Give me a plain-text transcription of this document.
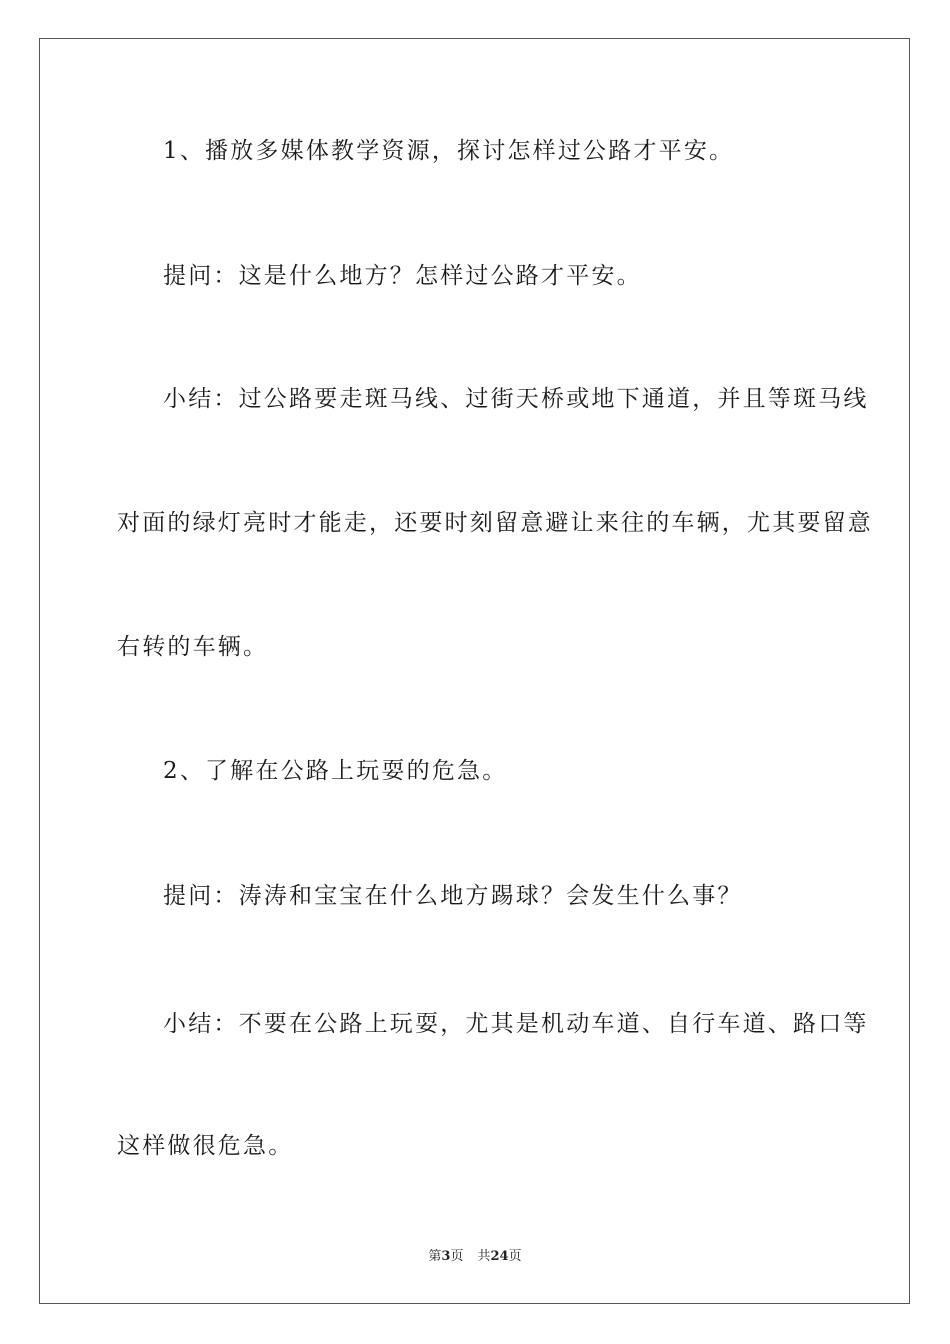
1、播放多媒体教学资源，探讨怎样过公路才平安。

提问：这是什么地方？怎样过公路才平安。

小结：过公路要走斑马线、过街天桥或地下通道，并且等斑马线

对面的绿灯亮时才能走，还要时刻留意避让来往的车辆，尤其要留意

右转的车辆。

2、了解在公路上玩耍的危急。

提问：涛涛和宝宝在什么地方踢球？会发生什么事？

小结：不要在公路上玩耍，尤其是机动车道、自行车道、路口等

这样做很危急。

第3页 共24页
